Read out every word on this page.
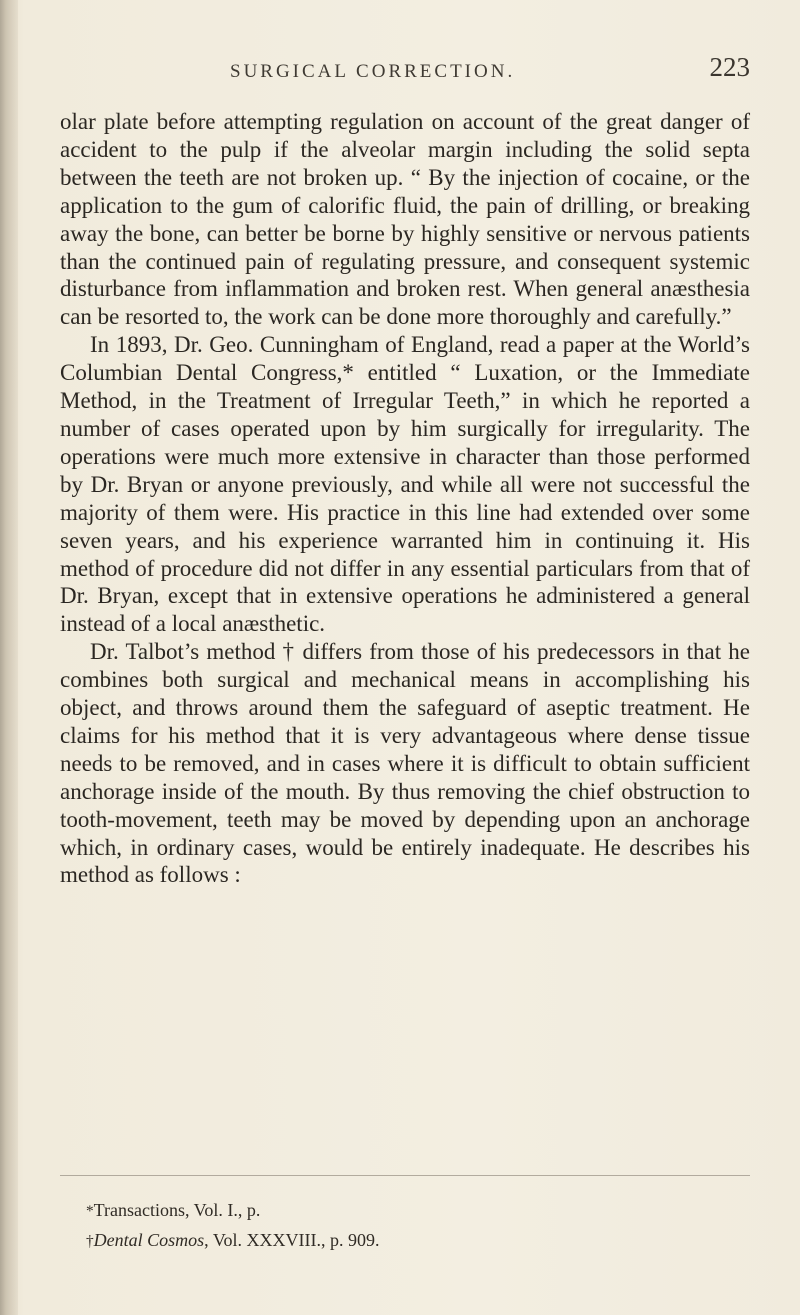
SURGICAL CORRECTION.	223

olar plate before attempting regulation on account of the great danger of accident to the pulp if the alveolar margin including the solid septa between the teeth are not broken up. “ By the injection of cocaine, or the application to the gum of calorific fluid, the pain of drilling, or breaking away the bone, can better be borne by highly sensitive or nervous patients than the continued pain of regulating pressure, and consequent systemic disturbance from inflammation and broken rest. When general anæsthesia can be resorted to, the work can be done more thoroughly and carefully.”

In 1893, Dr. Geo. Cunningham of England, read a paper at the World’s Columbian Dental Congress,* entitled “ Luxation, or the Immediate Method, in the Treatment of Irregular Teeth,” in which he reported a number of cases operated upon by him surgically for irregularity. The operations were much more extensive in character than those performed by Dr. Bryan or anyone previously, and while all were not successful the majority of them were. His practice in this line had extended over some seven years, and his experience warranted him in continuing it. His method of procedure did not differ in any essential particulars from that of Dr. Bryan, except that in extensive operations he administered a general instead of a local anæsthetic.

Dr. Talbot’s method † differs from those of his predecessors in that he combines both surgical and mechanical means in accomplishing his object, and throws around them the safeguard of aseptic treatment. He claims for his method that it is very advantageous where dense tissue needs to be removed, and in cases where it is difficult to obtain sufficient anchorage inside of the mouth. By thus removing the chief obstruction to tooth-movement, teeth may be moved by depending upon an anchorage which, in ordinary cases, would be entirely inadequate. He describes his method as follows :

*Transactions, Vol. I., p.
†Dental Cosmos, Vol. XXXVIII., p. 909.
